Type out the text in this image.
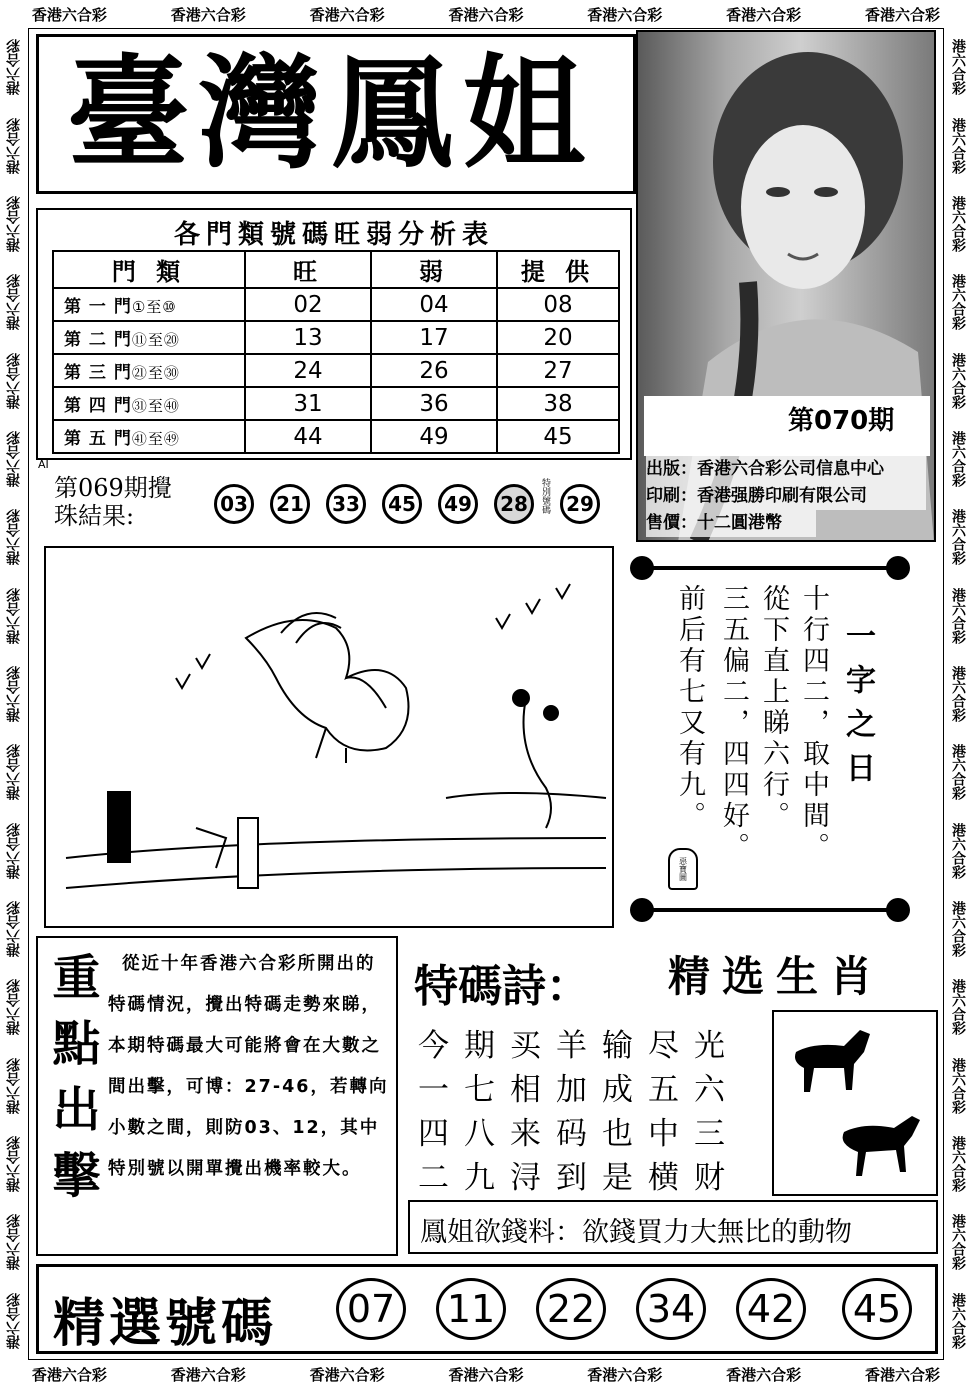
香港六合彩	香港六合彩	香港六合彩	香港六合彩	香港六合彩	香港六合彩	香港六合彩
香港六合彩	香港六合彩	香港六合彩	香港六合彩	香港六合彩	香港六合彩	香港六合彩
港六合彩
港六合彩
港六合彩
港六合彩
港六合彩
港六合彩
港六合彩
港六合彩
港六合彩
港六合彩
港六合彩
港六合彩
港六合彩
港六合彩
港六合彩
港六合彩
港六合彩
港六合彩
港六合彩
港六合彩
港六合彩
港六合彩
港六合彩
港六合彩
港六合彩
港六合彩
港六合彩
港六合彩
港六合彩
港六合彩
港六合彩
港六合彩
港六合彩
港六合彩
臺灣鳳姐
第070期
出版：香港六合彩公司信息中心
印刷：香港强勝印刷有限公司
售價：十二圓港幣
各門類號碼旺弱分析表
門 類	旺	弱	提 供
第 一 門①至⑩	02	04	08
第 二 門⑪至⑳	13	17	20
第 三 門㉑至㉚	24	26	27
第 四 門㉛至㊵	31	36	38
第 五 門㊶至㊾	44	49	45
AI
第069期攪
珠結果:	03	21	33	45	49	28	特別號碼 29
一字之日
十行四二，取中間。
從下直上睇六行。
三五偏二，四四好。
前后有七又有九。
惡寶圖
重點出擊	從近十年香港六合彩所開出的特碼情況，攪出特碼走勢來睇，本期特碼最大可能將會在大數之間出擊，可博：27-46，若轉向小數之間，則防03、12，其中特別號以開單攪出機率較大。
特碼詩： 精选生肖
今期买羊输尽光
一七相加成五六
四八来码也中三
二九浔到是横财
鳳姐欲錢料：欲錢買力大無比的動物
精選號碼 07 11 22 34 42 45
